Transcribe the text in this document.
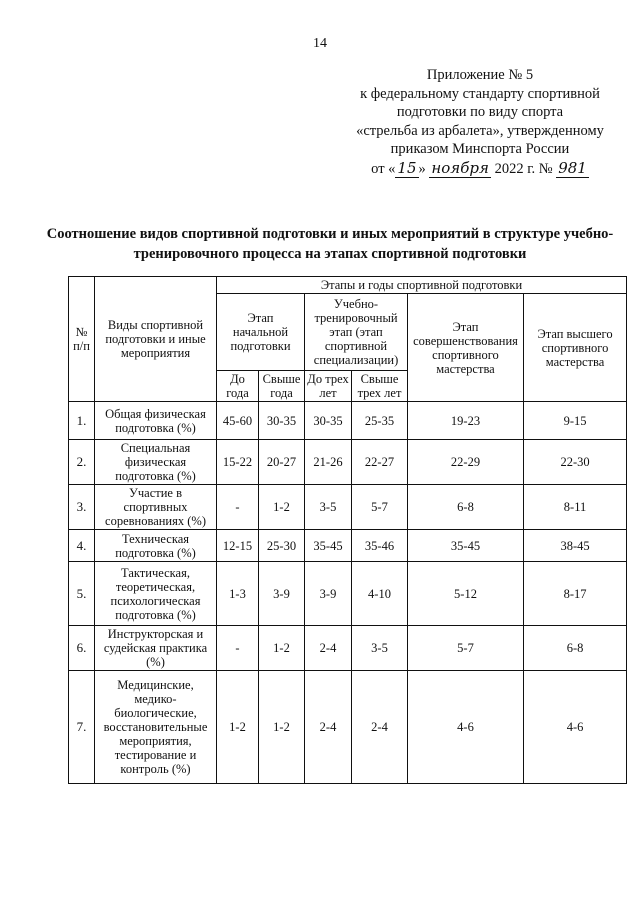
14
Приложение № 5
к федеральному стандарту спортивной
подготовки по виду спорта
«стрельба из арбалета», утвержденному
приказом Минспорта России
от « 15 » ноября 2022 г. № 981
Соотношение видов спортивной подготовки и иных мероприятий в структуре учебно-тренировочного процесса на этапах спортивной подготовки
№ п/п	Виды спортивной подготовки и иные мероприятия	Этапы и годы спортивной подготовки					
		Этап начальной подготовки		Учебно-тренировочный этап (этап спортивной специализации)		Этап совершенствования спортивного мастерства	Этап высшего спортивного мастерства
		До года	Свыше года	До трех лет	Свыше трех лет		
1.	Общая физическая подготовка (%)	45-60	30-35	30-35	25-35	19-23	9-15
2.	Специальная физическая подготовка (%)	15-22	20-27	21-26	22-27	22-29	22-30
3.	Участие в спортивных соревнованиях (%)	-	1-2	3-5	5-7	6-8	8-11
4.	Техническая подготовка (%)	12-15	25-30	35-45	35-46	35-45	38-45
5.	Тактическая, теоретическая, психологическая подготовка (%)	1-3	3-9	3-9	4-10	5-12	8-17
6.	Инструкторская и судейская практика (%)	-	1-2	2-4	3-5	5-7	6-8
7.	Медицинские, медико-биологические, восстановительные мероприятия, тестирование и контроль (%)	1-2	1-2	2-4	2-4	4-6	4-6
